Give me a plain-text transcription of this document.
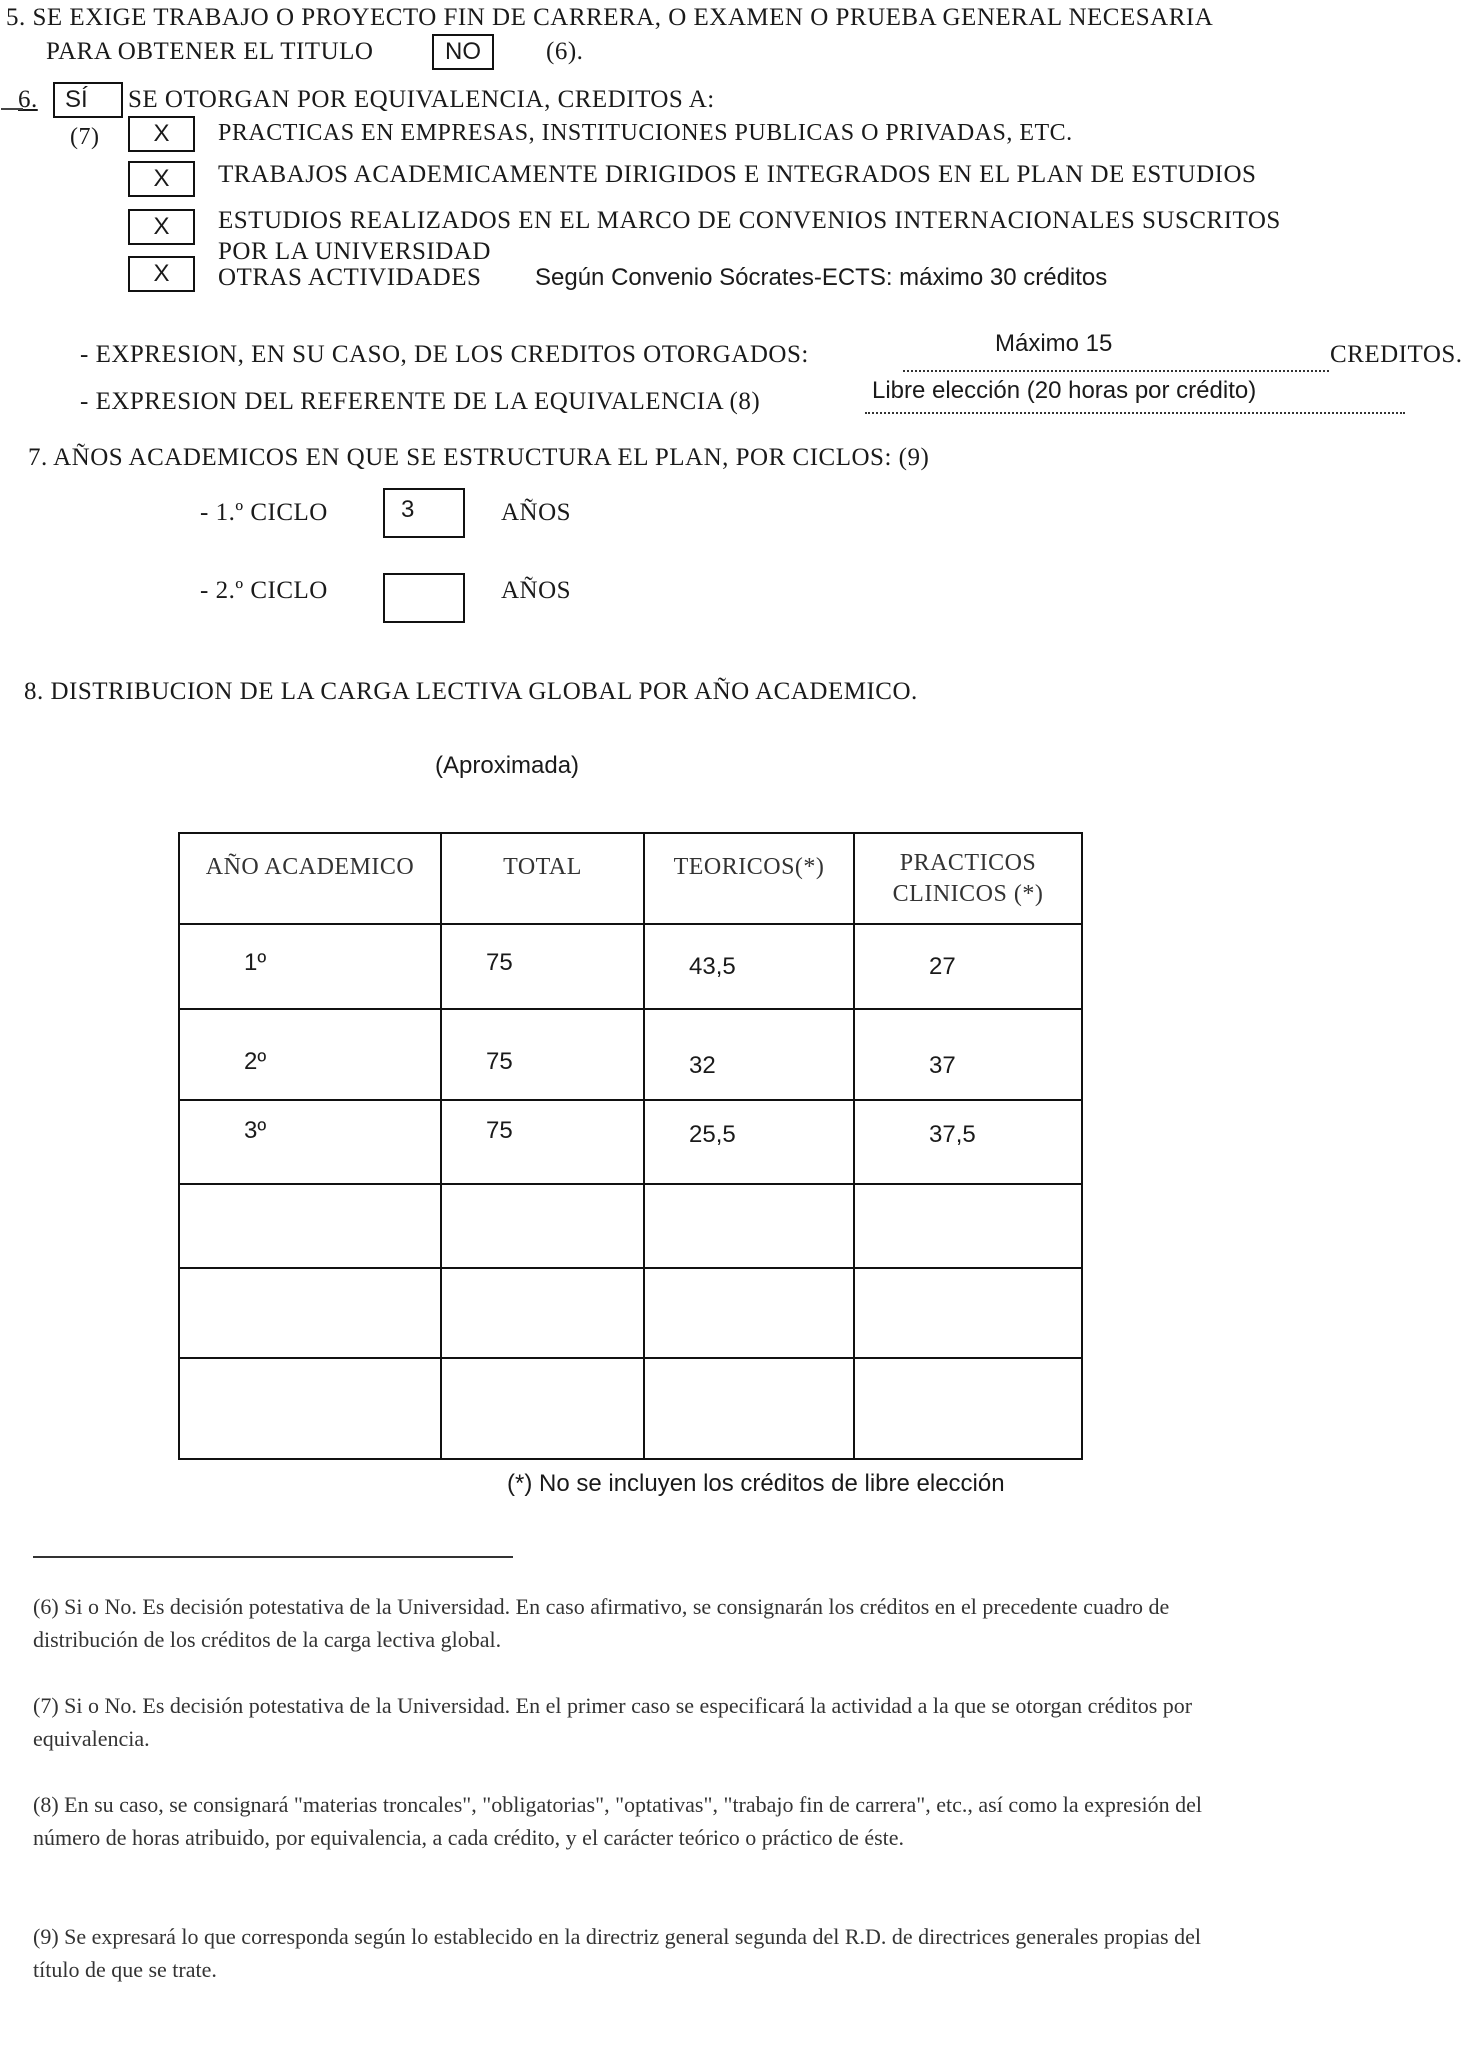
5. SE EXIGE TRABAJO O PROYECTO FIN DE CARRERA, O EXAMEN O PRUEBA GENERAL NECESARIA
PARA OBTENER EL TITULO	NO	(6).
6.	SÍ	SE OTORGAN POR EQUIVALENCIA, CREDITOS A:
(7)	X	PRACTICAS EN EMPRESAS, INSTITUCIONES PUBLICAS O PRIVADAS, ETC.
X	TRABAJOS ACADEMICAMENTE DIRIGIDOS E INTEGRADOS EN EL PLAN DE ESTUDIOS
X	ESTUDIOS REALIZADOS EN EL MARCO DE CONVENIOS INTERNACIONALES SUSCRITOS
POR LA UNIVERSIDAD
X	OTRAS ACTIVIDADES Según Convenio Sócrates-ECTS: máximo 30 créditos
- EXPRESION, EN SU CASO, DE LOS CREDITOS OTORGADOS:	Máximo 15	CREDITOS.
- EXPRESION DEL REFERENTE DE LA EQUIVALENCIA (8)	Libre elección (20 horas por crédito)
7. AÑOS ACADEMICOS EN QUE SE ESTRUCTURA EL PLAN, POR CICLOS: (9)
- 1.º CICLO	3	AÑOS
- 2.º CICLO	AÑOS
8. DISTRIBUCION DE LA CARGA LECTIVA GLOBAL POR AÑO ACADEMICO.
(Aproximada)
AÑO ACADEMICO	TOTAL	TEORICOS(*)	PRACTICOS CLINICOS (*)
1º	75	43,5	27
2º	75	32	37
3º	75	25,5	37,5

(*) No se incluyen los créditos de libre elección
(6) Si o No. Es decisión potestativa de la Universidad. En caso afirmativo, se consignarán los créditos en el precedente cuadro de distribución de los créditos de la carga lectiva global.
(7) Si o No. Es decisión potestativa de la Universidad. En el primer caso se especificará la actividad a la que se otorgan créditos por equivalencia.
(8) En su caso, se consignará "materias troncales", "obligatorias", "optativas", "trabajo fin de carrera", etc., así como la expresión del número de horas atribuido, por equivalencia, a cada crédito, y el carácter teórico o práctico de éste.
(9) Se expresará lo que corresponda según lo establecido en la directriz general segunda del R.D. de directrices generales propias del título de que se trate.
